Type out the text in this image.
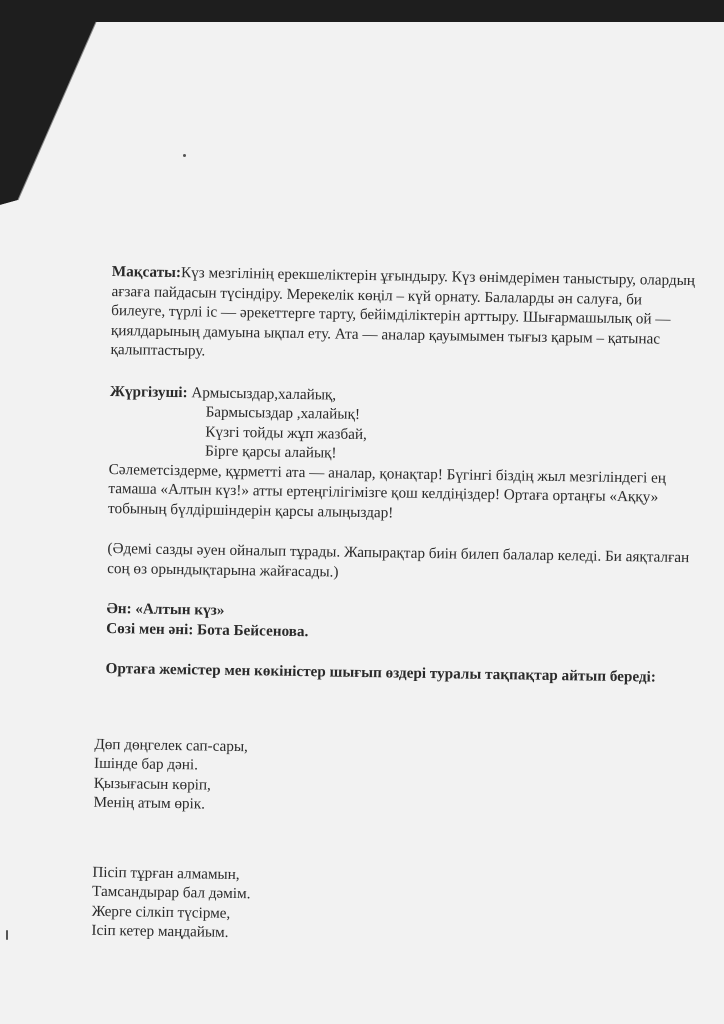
Мақсаты:Күз мезгілінің ерекшеліктерін ұғындыру. Күз өнімдерімен таныстыру, олардың ағзаға пайдасын түсіндіру. Мерекелік көңіл – күй орнату. Балаларды ән салуға, би билеуге, түрлі іс — әрекеттерге тарту, бейімділіктерін арттыру. Шығармашылық ой — қиялдарының дамуына ықпал ету. Ата — аналар қауымымен тығыз қарым – қатынас қалыптастыру.

Жүргізуші: Армысыздар,халайық,

Бармысыздар ,халайық!

Күзгі тойды жұп жазбай,

Бірге қарсы алайық!

Сәлеметсіздерме, құрметті ата — аналар, қонақтар! Бүгінгі біздің жыл мезгіліндегі ең тамаша «Алтын күз!» атты ертеңгілігімізге қош келдіңіздер! Ортаға ортаңғы «Аққу» тобының бүлдіршіндерін қарсы алыңыздар!

(Әдемі сазды әуен ойналып тұрады. Жапырақтар биін билеп балалар келеді. Би аяқталған соң өз орындықтарына жайғасады.)

Ән: «Алтын күз»

Сөзі мен әні: Бота Бейсенова.

Ортаға жемістер мен көкіністер шығып өздері туралы тақпақтар айтып береді:

Дөп дөңгелек сап-сары,

Ішінде бар дәні.

Қызығасын көріп,

Менің атым өрік.

Пісіп тұрған алмамын,

Тамсандырар бал дәмім.

Жерге сілкіп түсірме,

Ісіп кетер маңдайым.
